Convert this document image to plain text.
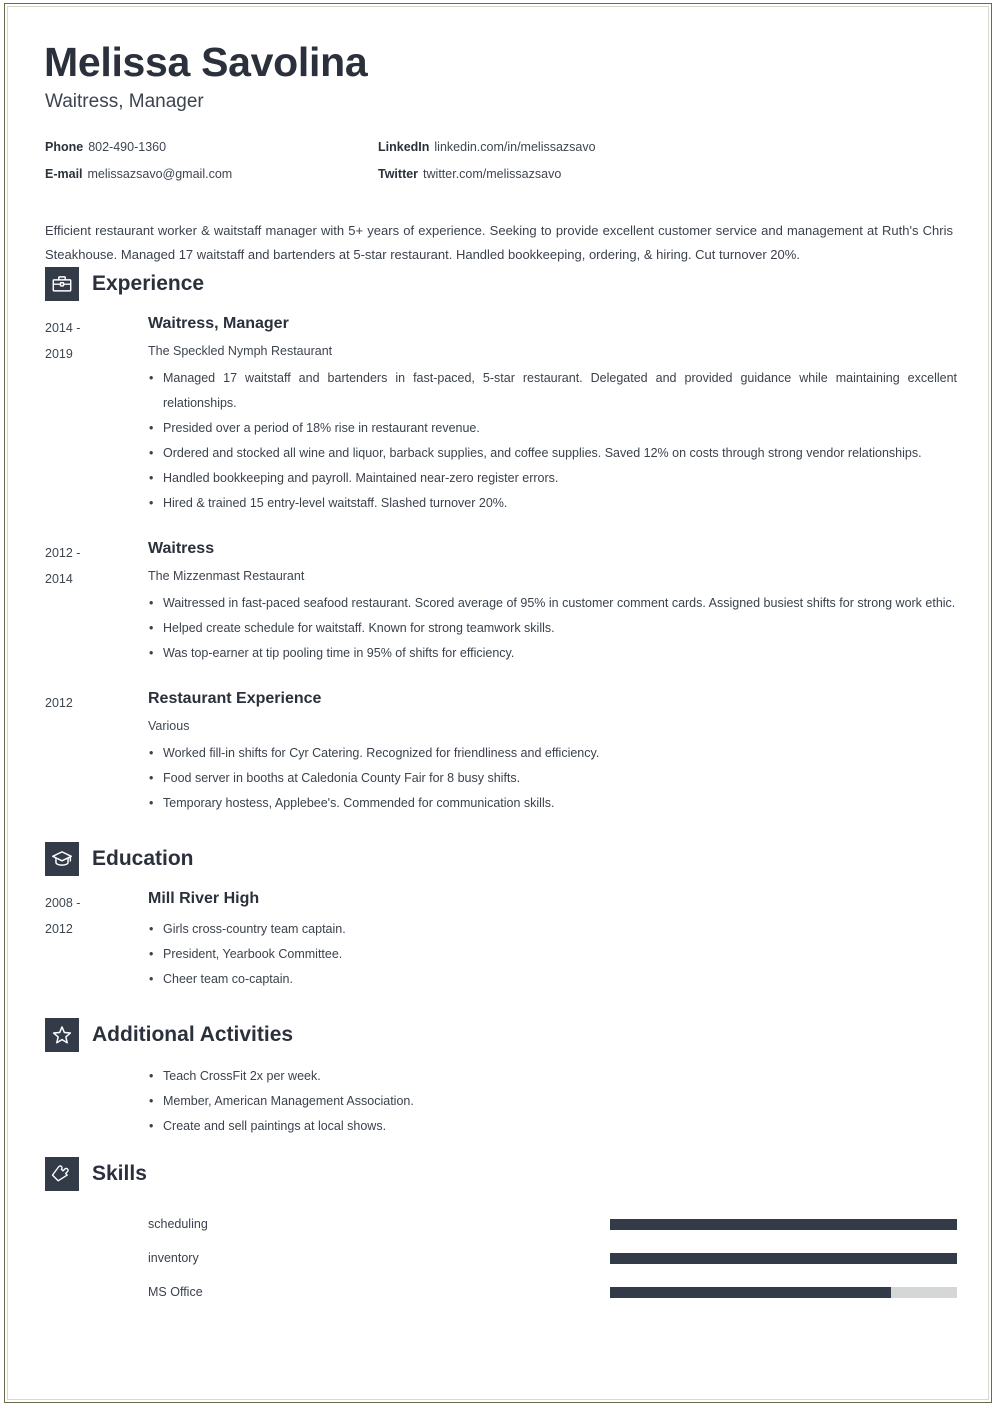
Melissa Savolina
Waitress, Manager
Phone 802-490-1360	LinkedIn linkedin.com/in/melissazsavo
E-mail melissazsavo@gmail.com	Twitter twitter.com/melissazsavo

Efficient restaurant worker & waitstaff manager with 5+ years of experience. Seeking to provide excellent customer service and management at Ruth's Chris Steakhouse. Managed 17 waitstaff and bartenders at 5-star restaurant. Handled bookkeeping, ordering, & hiring. Cut turnover 20%.

Experience
2014 -
2019
Waitress, Manager
The Speckled Nymph Restaurant
• Managed 17 waitstaff and bartenders in fast-paced, 5-star restaurant. Delegated and provided guidance while maintaining excellent relationships.
• Presided over a period of 18% rise in restaurant revenue.
• Ordered and stocked all wine and liquor, barback supplies, and coffee supplies. Saved 12% on costs through strong vendor relationships.
• Handled bookkeeping and payroll. Maintained near-zero register errors.
• Hired & trained 15 entry-level waitstaff. Slashed turnover 20%.
2012 -
2014
Waitress
The Mizzenmast Restaurant
• Waitressed in fast-paced seafood restaurant. Scored average of 95% in customer comment cards. Assigned busiest shifts for strong work ethic.
• Helped create schedule for waitstaff. Known for strong teamwork skills.
• Was top-earner at tip pooling time in 95% of shifts for efficiency.
2012	Restaurant Experience
Various
• Worked fill-in shifts for Cyr Catering. Recognized for friendliness and efficiency.
• Food server in booths at Caledonia County Fair for 8 busy shifts.
• Temporary hostess, Applebee's. Commended for communication skills.
Education
2008 -
2012
Mill River High
• Girls cross-country team captain.
• President, Yearbook Committee.
• Cheer team co-captain.
Additional Activities
• Teach CrossFit 2x per week.
• Member, American Management Association.
• Create and sell paintings at local shows.
Skills
scheduling
inventory
MS Office
